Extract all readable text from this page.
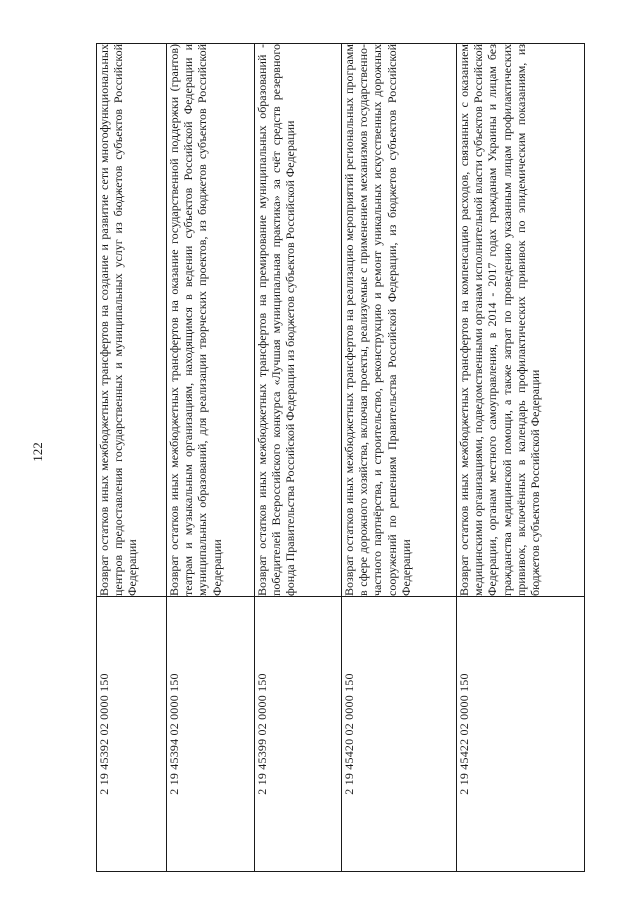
122
2 19 45392 02 0000 150	Возврат остатков иных межбюджетных трансфертов на создание и развитие сети многофункциональных центров предоставления государственных и муниципальных услуг из бюджетов субъектов Российской Федерации
2 19 45394 02 0000 150	Возврат остатков иных межбюджетных трансфертов на оказание государственной поддержки (грантов) театрам и музыкальным организациям, находящимся в ведении субъектов Российской Федерации и муниципальных образований, для реализации творческих проектов, из бюджетов субъектов Российской Федерации
2 19 45399 02 0000 150	Возврат остатков иных межбюджетных трансфертов на премирование муниципальных образований - победителей Всероссийского конкурса «Лучшая муниципальная практика» за счёт средств резервного фонда Правительства Российской Федерации из бюджетов субъектов Российской Федерации
2 19 45420 02 0000 150	Возврат остатков иных межбюджетных трансфертов на реализацию мероприятий региональных программ в сфере дорожного хозяйства, включая проекты, реализуемые с применением механизмов государственно-частного партнёрства, и строительство, реконструкцию и ремонт уникальных искусственных дорожных сооружений по решениям Правительства Российской Федерации, из бюджетов субъектов Российской Федерации
2 19 45422 02 0000 150	Возврат остатков иных межбюджетных трансфертов на компенсацию расходов, связанных с оказанием медицинскими организациями, подведомственными органам исполнительной власти субъектов Российской Федерации, органам местного самоуправления, в 2014 - 2017 годах гражданам Украины и лицам без гражданства медицинской помощи, а также затрат по проведению указанным лицам профилактических прививок, включённых в календарь профилактических прививок по эпидемическим показаниям, из бюджетов субъектов Российской Федерации
